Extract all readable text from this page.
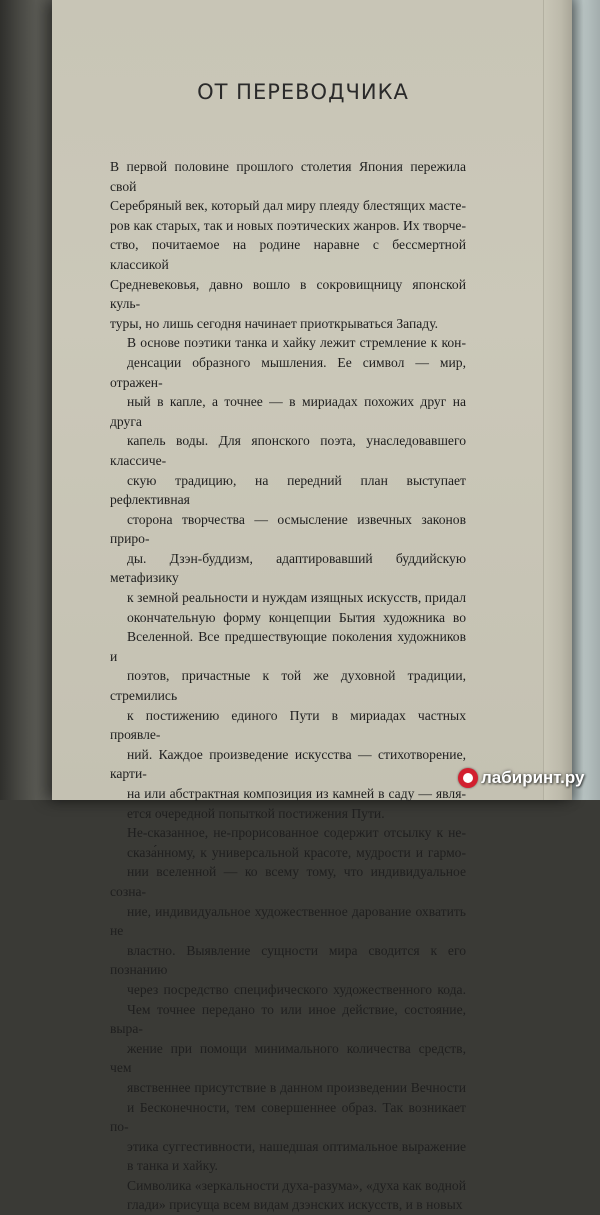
ОТ ПЕРЕВОДЧИКА

В первой половине прошлого столетия Япония пережила свой
Серебряный век, который дал миру плеяду блестящих масте-
ров как старых, так и новых поэтических жанров. Их творче-
ство, почитаемое на родине наравне с бессмертной классикой
Средневековья, давно вошло в сокровищницу японской куль-
туры, но лишь сегодня начинает приоткрываться Западу.

В основе поэтики танка и хайку лежит стремление к кон-
денсации образного мышления. Ее символ — мир, отражен-
ный в капле, а точнее — в мириадах похожих друг на друга
капель воды. Для японского поэта, унаследовавшего классиче-
скую традицию, на передний план выступает рефлективная
сторона творчества — осмысление извечных законов приро-
ды. Дзэн-буддизм, адаптировавший буддийскую метафизику
к земной реальности и нуждам изящных искусств, придал
окончательную форму концепции Бытия художника во
Вселенной. Все предшествующие поколения художников и
поэтов, причастные к той же духовной традиции, стремились
к постижению единого Пути в мириадах частных проявле-
ний. Каждое произведение искусства — стихотворение, карти-
на или абстрактная композиция из камней в саду — явля-
ется очередной попыткой постижения Пути.

Не-сказанное, не-прорисованное содержит отсылку к не-
сказа́нному, к универсальной красоте, мудрости и гармо-
нии вселенной — ко всему тому, что индивидуальное созна-
ние, индивидуальное художественное дарование охватить не
властно. Выявление сущности мира сводится к его познанию
через посредство специфического художественного кода.
Чем точнее передано то или иное действие, состояние, выра-
жение при помощи минимального количества средств, чем
явственнее присутствие в данном произведении Вечности
и Бесконечности, тем совершеннее образ. Так возникает по-
этика суггестивности, нашедшая оптимальное выражение
в танка и хайку.

Символика «зеркальности духа-разума», «духа как водной
глади» присуща всем видам дзэнских искусств, и в новых

лабиринт.ру
